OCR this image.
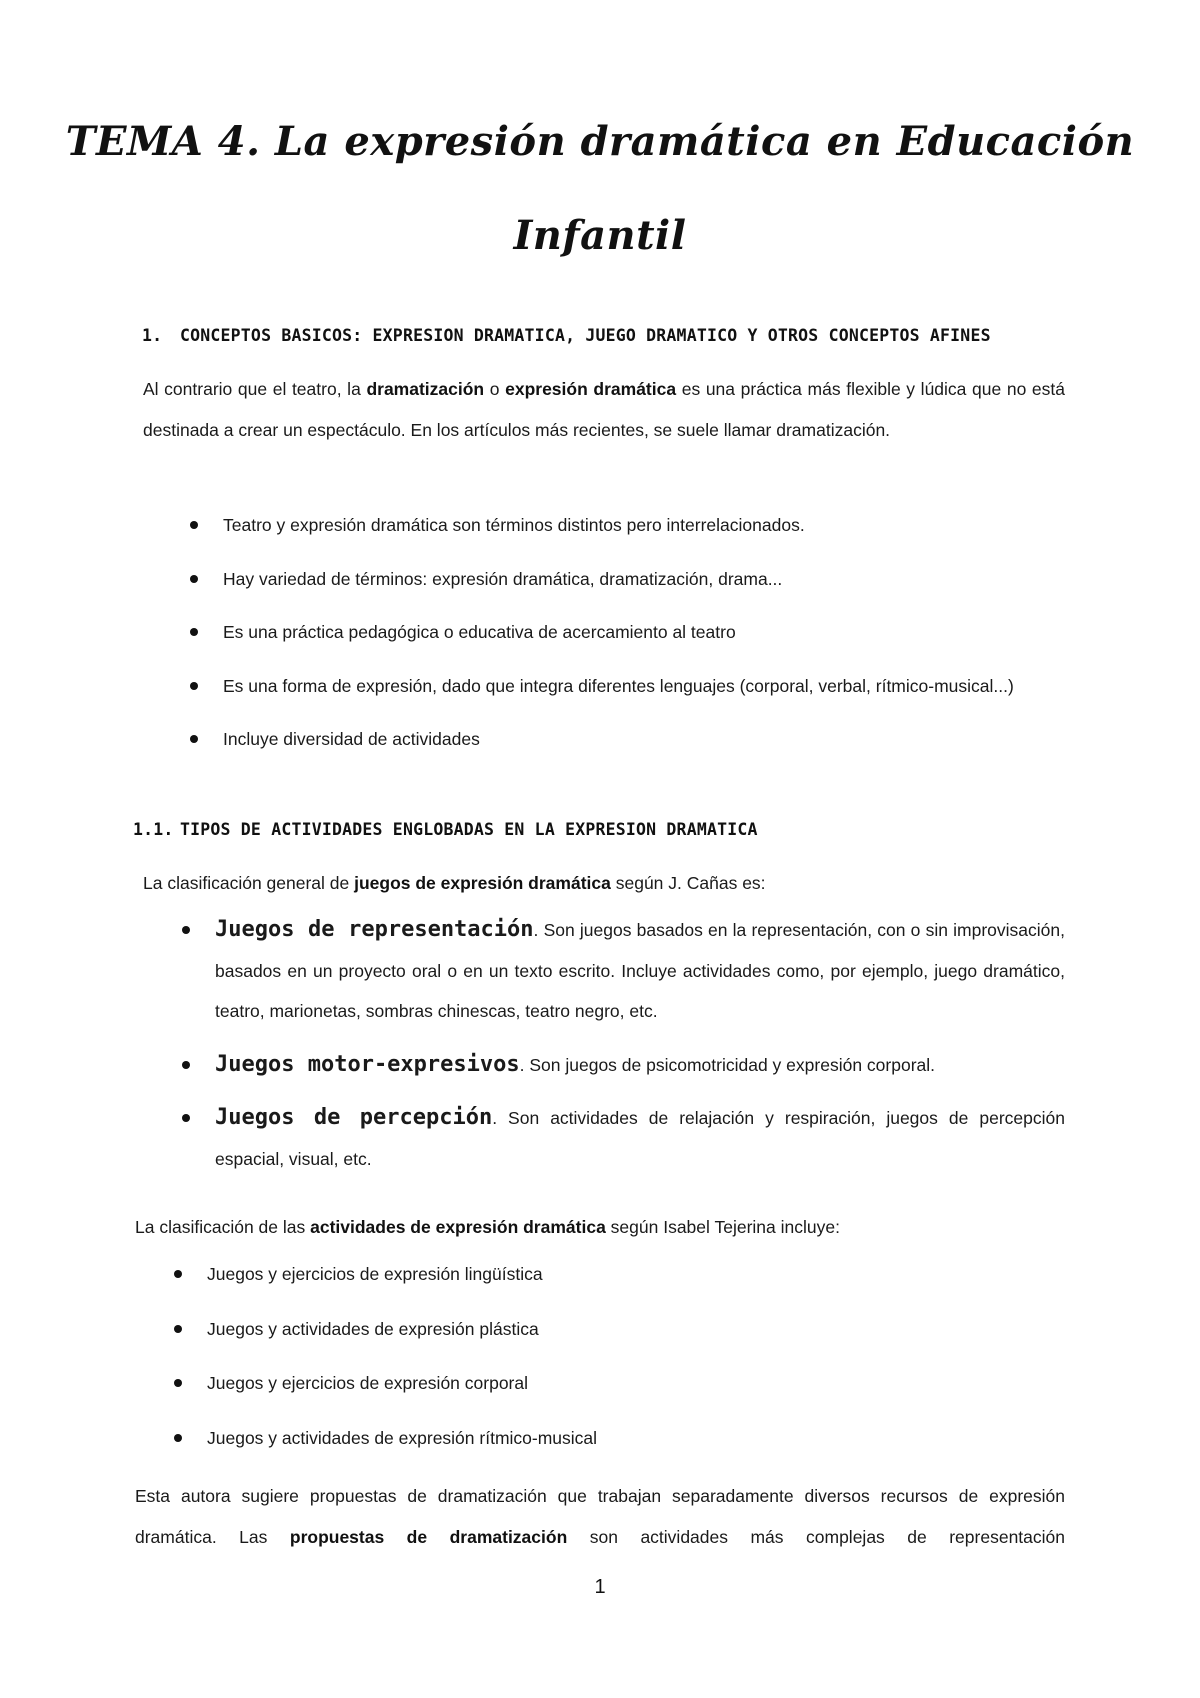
TEMA 4. La expresión dramática en Educación
Infantil
1. CONCEPTOS BASICOS: EXPRESION DRAMATICA, JUEGO DRAMATICO Y OTROS CONCEPTOS AFINES

Al contrario que el teatro, la dramatización o expresión dramática es una práctica más flexible y lúdica que no está destinada a crear un espectáculo. En los artículos más recientes, se suele llamar dramatización.

Teatro y expresión dramática son términos distintos pero interrelacionados.
Hay variedad de términos: expresión dramática, dramatización, drama...
Es una práctica pedagógica o educativa de acercamiento al teatro
Es una forma de expresión, dado que integra diferentes lenguajes (corporal, verbal, rítmico-musical...)
Incluye diversidad de actividades
1.1. TIPOS DE ACTIVIDADES ENGLOBADAS EN LA EXPRESION DRAMATICA

La clasificación general de juegos de expresión dramática según J. Cañas es:

Juegos de representación. Son juegos basados en la representación, con o sin improvisación, basados en un proyecto oral o en un texto escrito. Incluye actividades como, por ejemplo, juego dramático, teatro, marionetas, sombras chinescas, teatro negro, etc.
Juegos motor-expresivos. Son juegos de psicomotricidad y expresión corporal.
Juegos de percepción. Son actividades de relajación y respiración, juegos de percepción espacial, visual, etc.

La clasificación de las actividades de expresión dramática según Isabel Tejerina incluye:

Juegos y ejercicios de expresión lingüística
Juegos y actividades de expresión plástica
Juegos y ejercicios de expresión corporal
Juegos y actividades de expresión rítmico-musical

Esta autora sugiere propuestas de dramatización que trabajan separadamente diversos recursos de expresión dramática. Las propuestas de dramatización son actividades más complejas de representación

1
